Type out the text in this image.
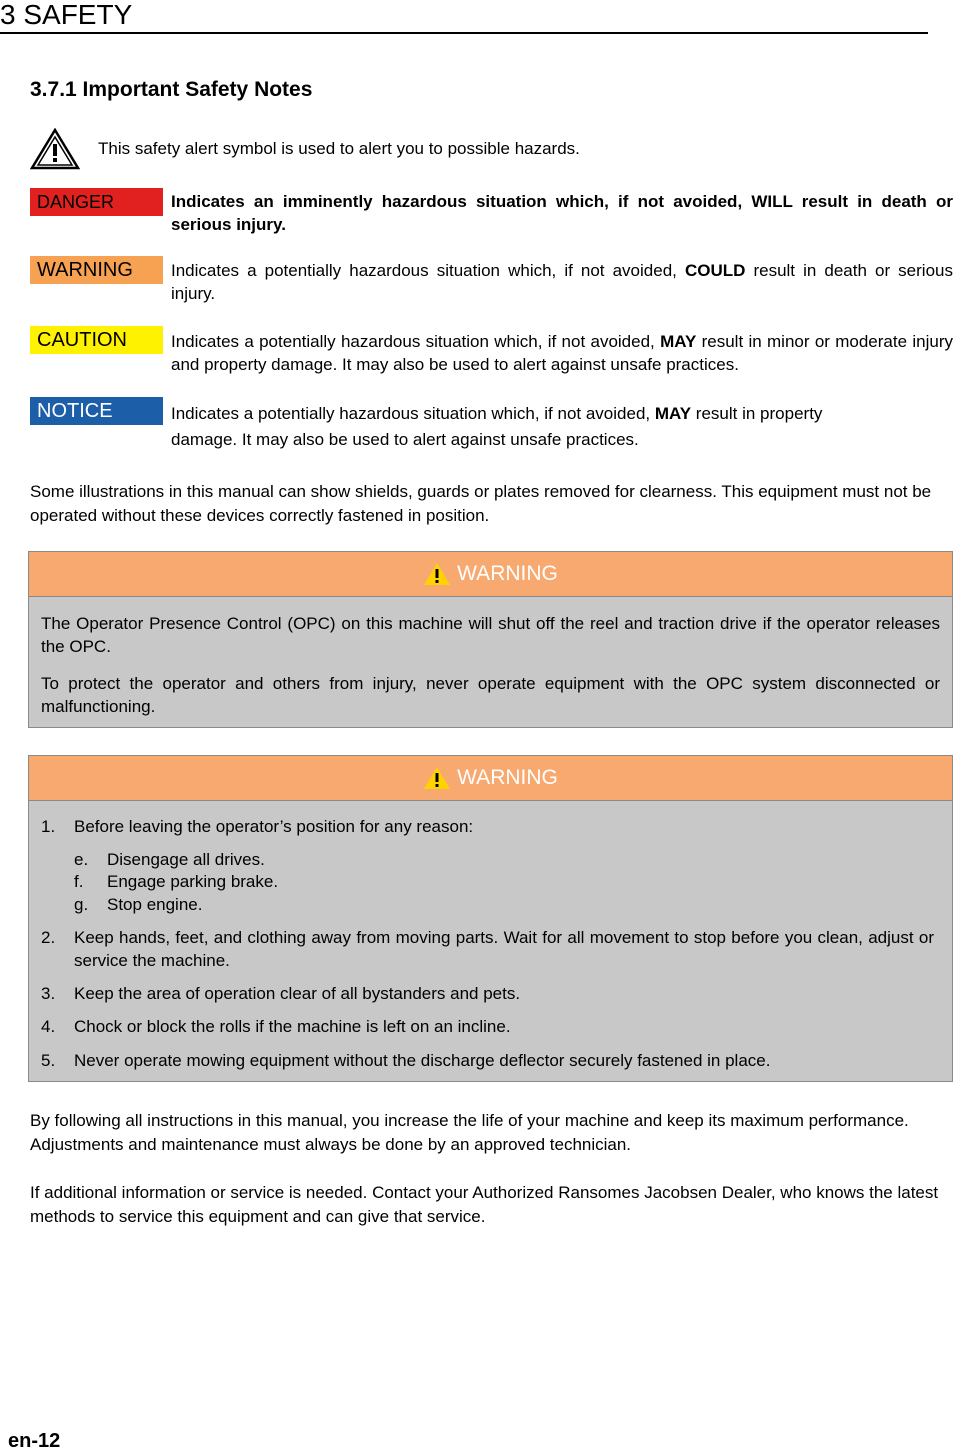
3 SAFETY
3.7.1 Important Safety Notes
This safety alert symbol is used to alert you to possible hazards.
DANGER	Indicates an imminently hazardous situation which, if not avoided, WILL result in death or serious injury.
WARNING	Indicates a potentially hazardous situation which, if not avoided, COULD result in death or serious injury.
CAUTION	Indicates a potentially hazardous situation which, if not avoided, MAY result in minor or moderate injury and property damage. It may also be used to alert against unsafe practices.
NOTICE	Indicates a potentially hazardous situation which, if not avoided, MAY result in property damage. It may also be used to alert against unsafe practices.
Some illustrations in this manual can show shields, guards or plates removed for clearness. This equipment must not be operated without these devices correctly fastened in position.
WARNING

The Operator Presence Control (OPC) on this machine will shut off the reel and traction drive if the operator releases the OPC.

To protect the operator and others from injury, never operate equipment with the OPC system disconnected or malfunctioning.

WARNING
1. Before leaving the operator’s position for any reason:
e. Disengage all drives.
f. Engage parking brake.
g. Stop engine.
2. Keep hands, feet, and clothing away from moving parts. Wait for all movement to stop before you clean, adjust or service the machine.
3. Keep the area of operation clear of all bystanders and pets.
4. Chock or block the rolls if the machine is left on an incline.
5. Never operate mowing equipment without the discharge deflector securely fastened in place.
By following all instructions in this manual, you increase the life of your machine and keep its maximum performance. Adjustments and maintenance must always be done by an approved technician.
If additional information or service is needed. Contact your Authorized Ransomes Jacobsen Dealer, who knows the latest methods to service this equipment and can give that service.
en-12
